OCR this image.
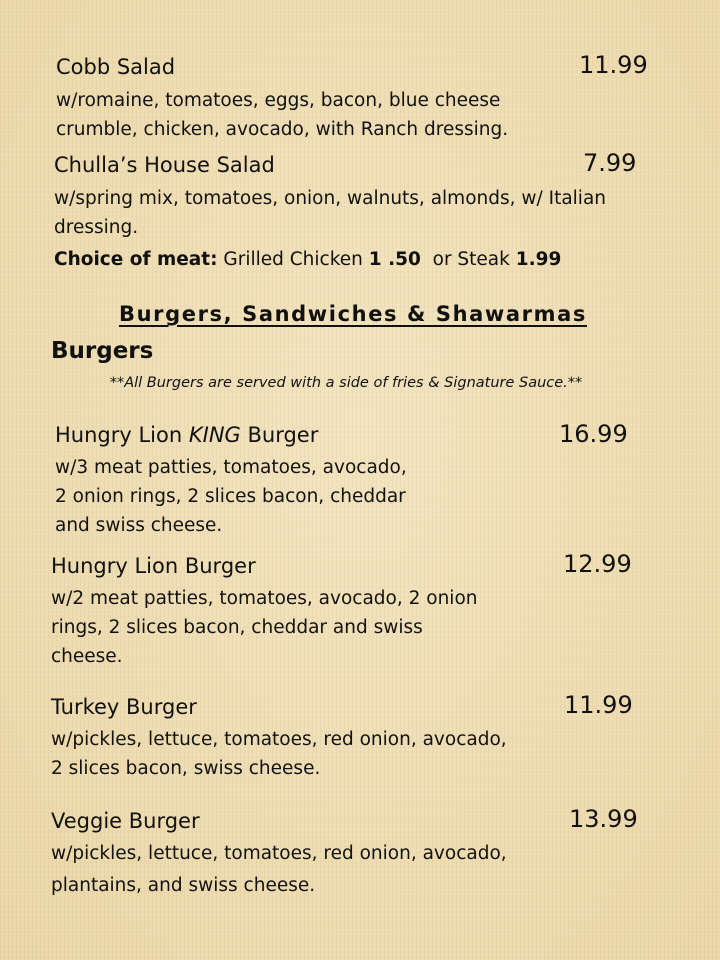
Cobb Salad	11.99
w/romaine, tomatoes, eggs, bacon, blue cheese
crumble, chicken, avocado, with Ranch dressing.
Chulla’s House Salad	7.99
w/spring mix, tomatoes, onion, walnuts, almonds, w/ Italian
dressing.
Choice of meat: Grilled Chicken 1 .50  or Steak 1.99
Burgers, Sandwiches & Shawarmas
Burgers
**All Burgers are served with a side of fries & Signature Sauce.**
Hungry Lion KING Burger	16.99
w/3 meat patties, tomatoes, avocado,
2 onion rings, 2 slices bacon, cheddar
and swiss cheese.
Hungry Lion Burger	12.99
w/2 meat patties, tomatoes, avocado, 2 onion
rings, 2 slices bacon, cheddar and swiss
cheese.
Turkey Burger	11.99
w/pickles, lettuce, tomatoes, red onion, avocado,
2 slices bacon, swiss cheese.
Veggie Burger	13.99
w/pickles, lettuce, tomatoes, red onion, avocado,
plantains, and swiss cheese.
